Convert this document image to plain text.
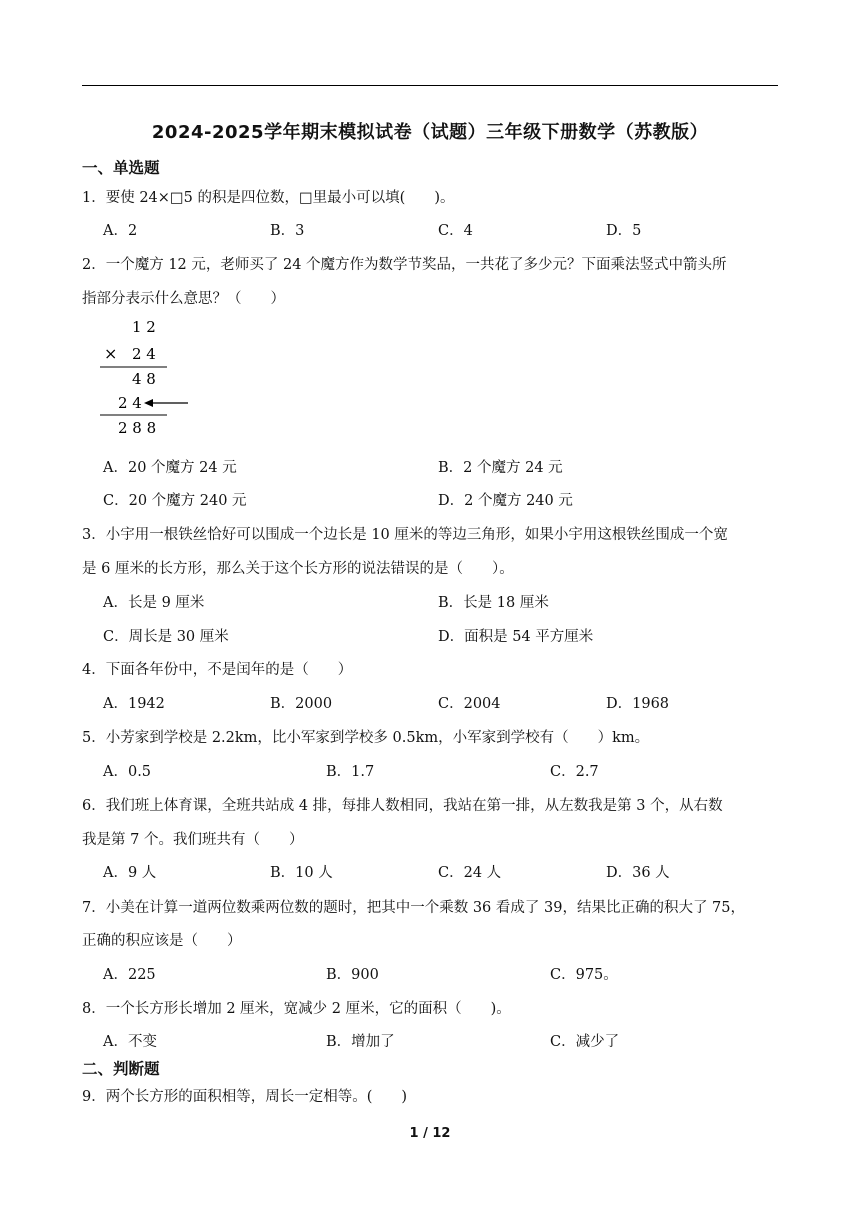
2024-2025学年期末模拟试卷（试题）三年级下册数学（苏教版）
一、单选题
1．要使 24×□5 的积是四位数，□里最小可以填(　　)。
A．2	B．3	C．4	D．5
2．一个魔方 12 元，老师买了 24 个魔方作为数学节奖品，一共花了多少元？下面乘法竖式中箭头所
指部分表示什么意思？（　　）
1 2
× 2 4
4 8
2 4
2 8 8
A．20 个魔方 24 元	B．2 个魔方 24 元
C．20 个魔方 240 元	D．2 个魔方 240 元
3．小宇用一根铁丝恰好可以围成一个边长是 10 厘米的等边三角形，如果小宇用这根铁丝围成一个宽
是 6 厘米的长方形，那么关于这个长方形的说法错误的是（　　）。
A．长是 9 厘米	B．长是 18 厘米
C．周长是 30 厘米	D．面积是 54 平方厘米
4．下面各年份中，不是闰年的是（　　）
A．1942	B．2000	C．2004	D．1968
5．小芳家到学校是 2.2km，比小军家到学校多 0.5km，小军家到学校有（　　）km。
A．0.5	B．1.7	C．2.7
6．我们班上体育课，全班共站成 4 排，每排人数相同，我站在第一排，从左数我是第 3 个，从右数
我是第 7 个。我们班共有（　　）
A．9 人	B．10 人	C．24 人	D．36 人
7．小美在计算一道两位数乘两位数的题时，把其中一个乘数 36 看成了 39，结果比正确的积大了 75，
正确的积应该是（　　）
A．225	B．900	C．975。
8．一个长方形长增加 2 厘米，宽减少 2 厘米，它的面积（　　)。
A．不变	B．增加了	C．减少了
二、判断题
9．两个长方形的面积相等，周长一定相等。(　　)
1 / 12
